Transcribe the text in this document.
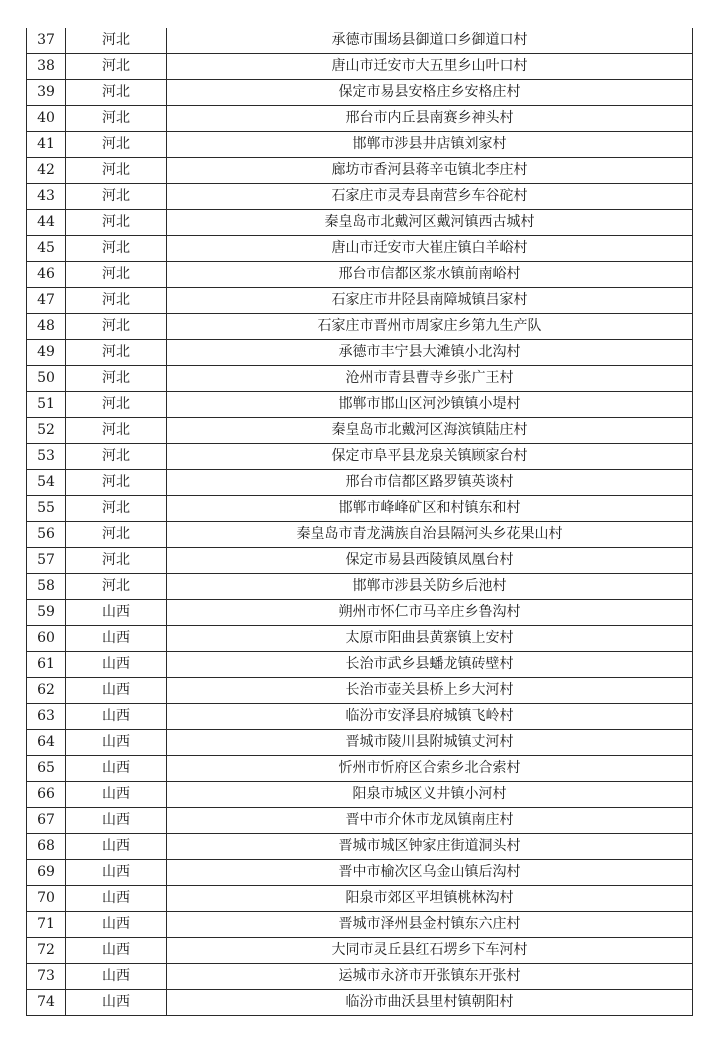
37	河北	承德市围场县御道口乡御道口村
38	河北	唐山市迁安市大五里乡山叶口村
39	河北	保定市易县安格庄乡安格庄村
40	河北	邢台市内丘县南赛乡神头村
41	河北	邯郸市涉县井店镇刘家村
42	河北	廊坊市香河县蒋辛屯镇北李庄村
43	河北	石家庄市灵寿县南营乡车谷砣村
44	河北	秦皇岛市北戴河区戴河镇西古城村
45	河北	唐山市迁安市大崔庄镇白羊峪村
46	河北	邢台市信都区浆水镇前南峪村
47	河北	石家庄市井陉县南障城镇吕家村
48	河北	石家庄市晋州市周家庄乡第九生产队
49	河北	承德市丰宁县大滩镇小北沟村
50	河北	沧州市青县曹寺乡张广王村
51	河北	邯郸市邯山区河沙镇镇小堤村
52	河北	秦皇岛市北戴河区海滨镇陆庄村
53	河北	保定市阜平县龙泉关镇顾家台村
54	河北	邢台市信都区路罗镇英谈村
55	河北	邯郸市峰峰矿区和村镇东和村
56	河北	秦皇岛市青龙满族自治县隔河头乡花果山村
57	河北	保定市易县西陵镇凤凰台村
58	河北	邯郸市涉县关防乡后池村
59	山西	朔州市怀仁市马辛庄乡鲁沟村
60	山西	太原市阳曲县黄寨镇上安村
61	山西	长治市武乡县蟠龙镇砖壁村
62	山西	长治市壶关县桥上乡大河村
63	山西	临汾市安泽县府城镇飞岭村
64	山西	晋城市陵川县附城镇丈河村
65	山西	忻州市忻府区合索乡北合索村
66	山西	阳泉市城区义井镇小河村
67	山西	晋中市介休市龙凤镇南庄村
68	山西	晋城市城区钟家庄街道洞头村
69	山西	晋中市榆次区乌金山镇后沟村
70	山西	阳泉市郊区平坦镇桃林沟村
71	山西	晋城市泽州县金村镇东六庄村
72	山西	大同市灵丘县红石塄乡下车河村
73	山西	运城市永济市开张镇东开张村
74	山西	临汾市曲沃县里村镇朝阳村
